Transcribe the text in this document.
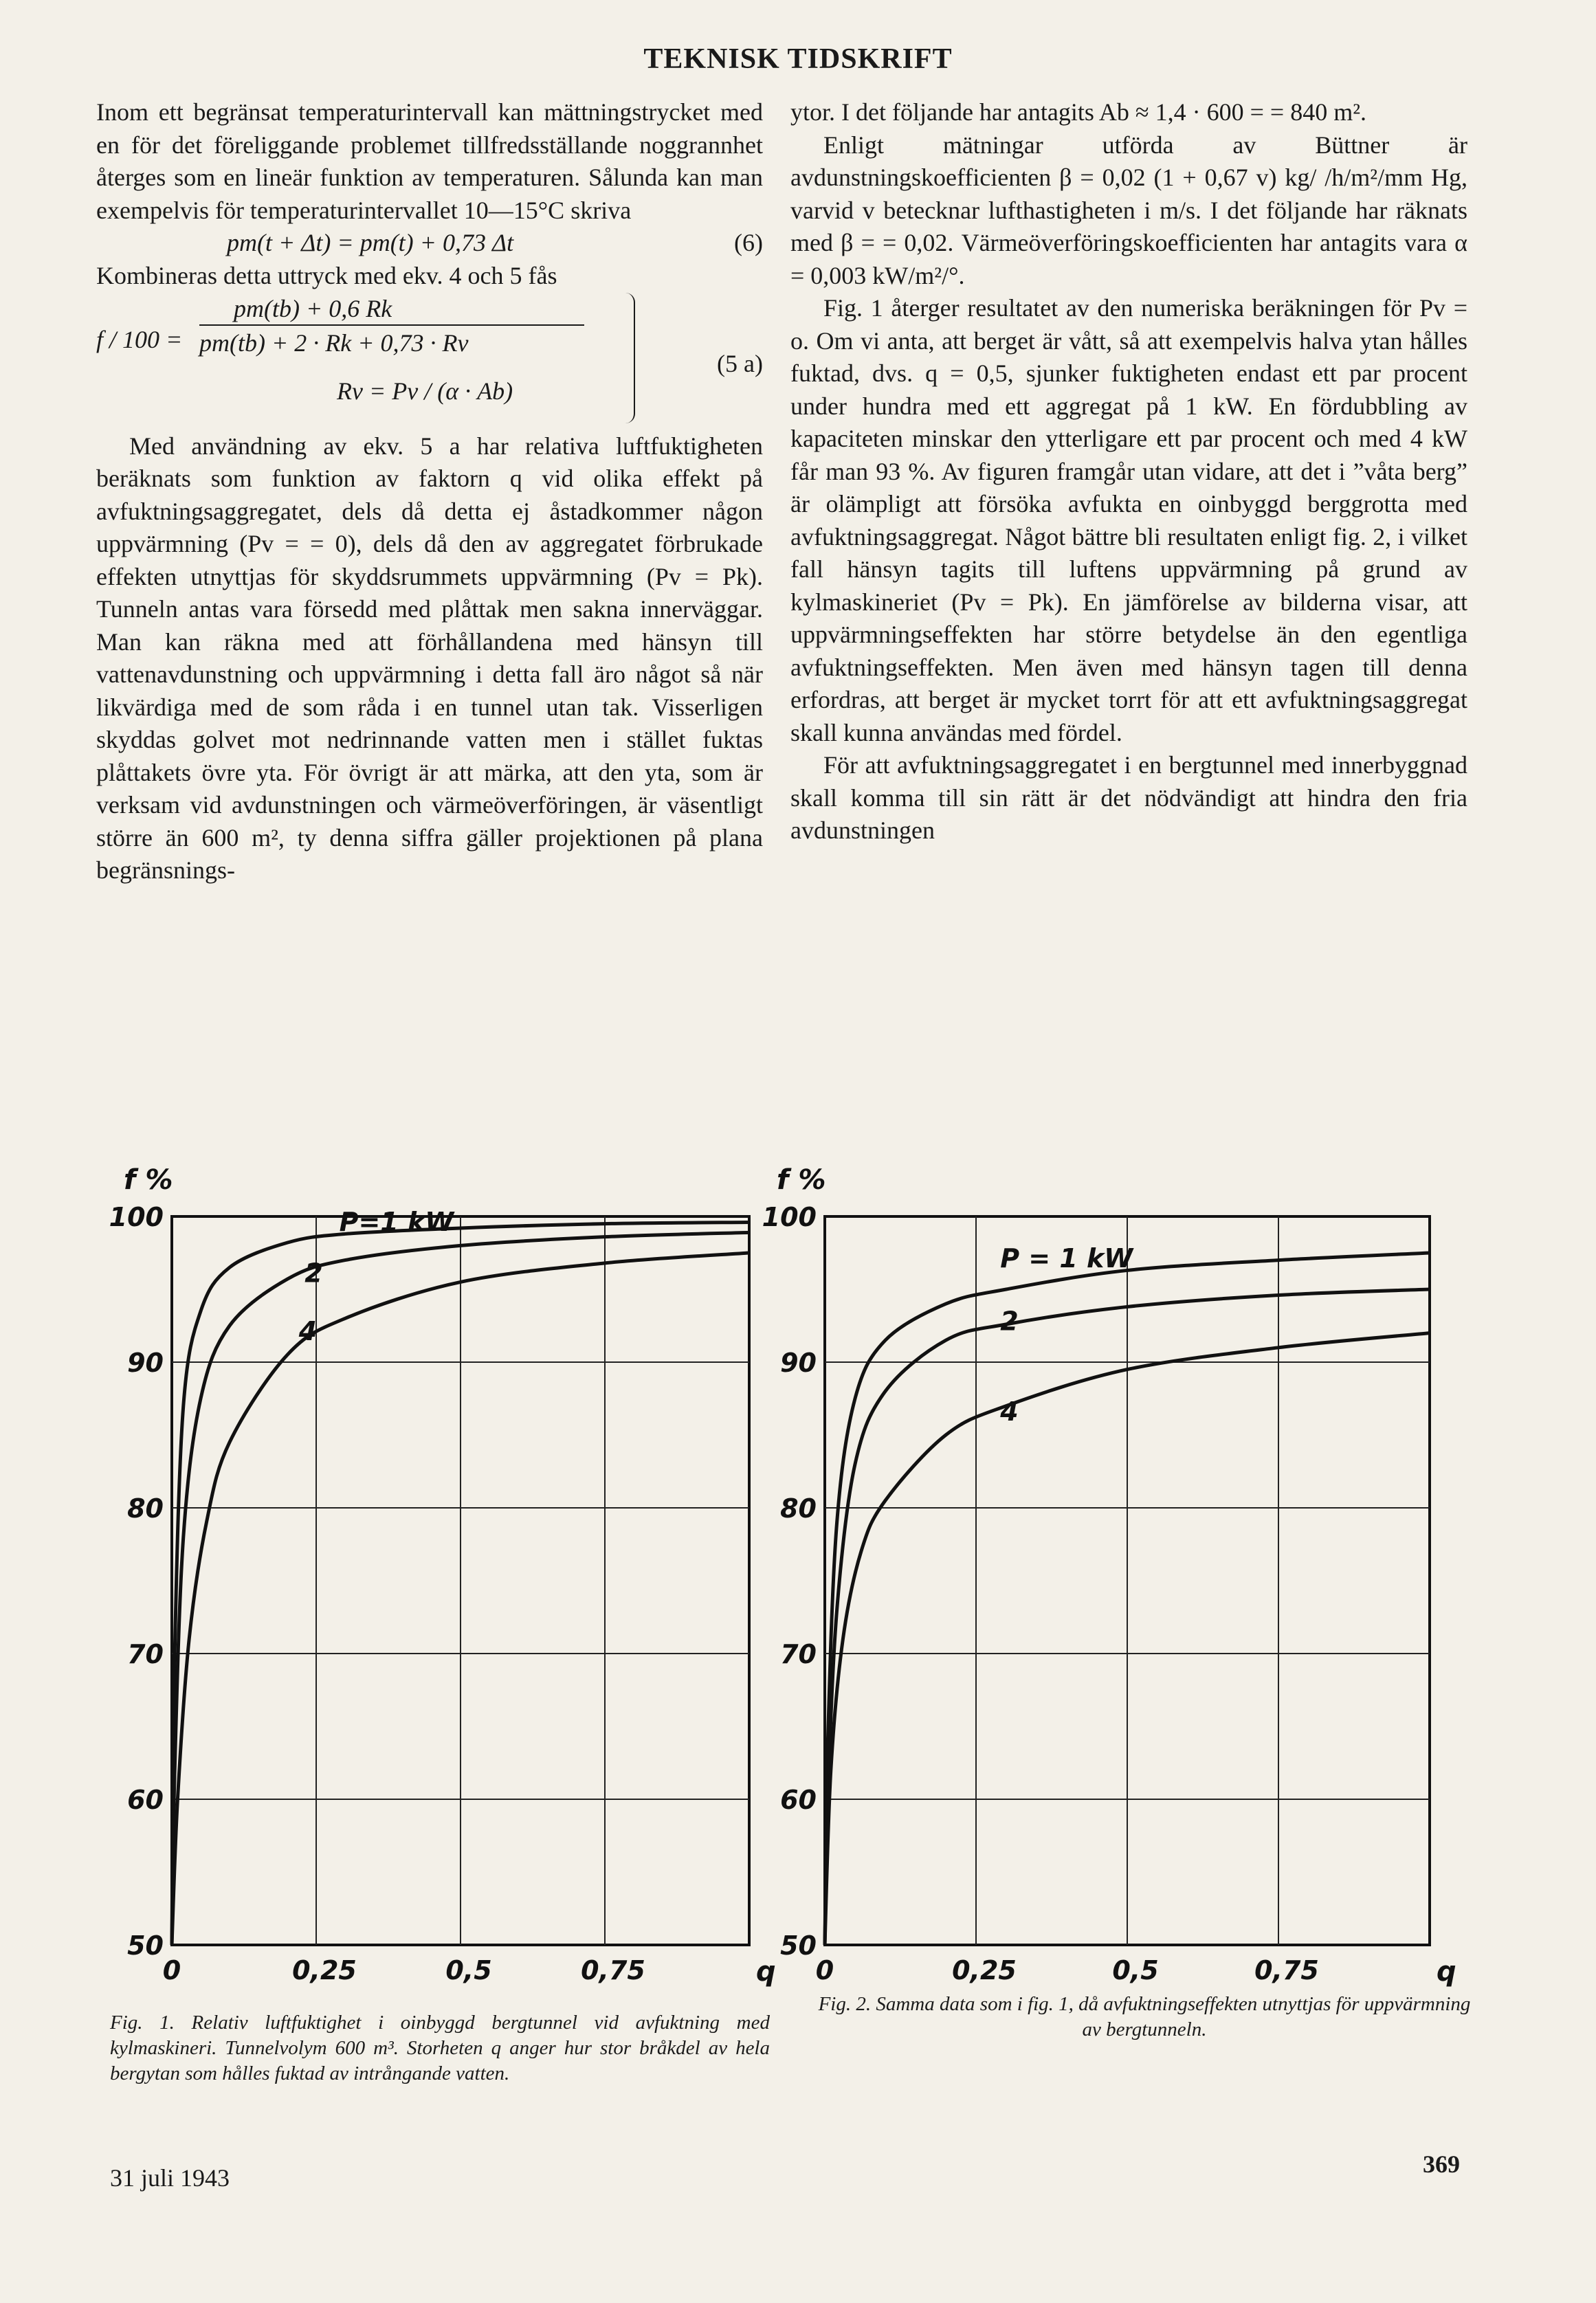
TEKNISK TIDSKRIFT

Inom ett begränsat temperaturintervall kan mättningstrycket med en för det föreliggande problemet tillfredsställande noggrannhet återges som en lineär funktion av temperaturen. Sålunda kan man exempelvis för temperaturintervallet 10—15°C skriva

pm(t + Δt) = pm(t) + 0,73 Δt	(6)

Kombineras detta uttryck med ekv. 4 och 5 fås

f / 100 =
pm(tb) + 0,6 Rk
pm(tb) + 2 · Rk + 0,73 · Rv
Rv = Pv / (α · Ab)
(5 a)

Med användning av ekv. 5 a har relativa luftfuktigheten beräknats som funktion av faktorn q vid olika effekt på avfuktningsaggregatet, dels då detta ej åstadkommer någon uppvärmning (Pv = = 0), dels då den av aggregatet förbrukade effekten utnyttjas för skyddsrummets uppvärmning (Pv = Pk). Tunneln antas vara försedd med plåttak men sakna innerväggar. Man kan räkna med att förhållandena med hänsyn till vattenavdunstning och uppvärmning i detta fall äro något så när likvärdiga med de som råda i en tunnel utan tak. Visserligen skyddas golvet mot nedrinnande vatten men i stället fuktas plåttakets övre yta. För övrigt är att märka, att den yta, som är verksam vid avdunstningen och värmeöverföringen, är väsentligt större än 600 m², ty denna siffra gäller projektionen på plana begränsnings-

ytor. I det följande har antagits Ab ≈ 1,4 · 600 = = 840 m².

Enligt mätningar utförda av Büttner är avdunstningskoefficienten β = 0,02 (1 + 0,67 v) kg/ /h/m²/mm Hg, varvid v betecknar lufthastigheten i m/s. I det följande har räknats med β = = 0,02. Värmeöverföringskoefficienten har antagits vara α = 0,003 kW/m²/°.

Fig. 1 återger resultatet av den numeriska beräkningen för Pv = o. Om vi anta, att berget är vått, så att exempelvis halva ytan hålles fuktad, dvs. q = 0,5, sjunker fuktigheten endast ett par procent under hundra med ett aggregat på 1 kW. En fördubbling av kapaciteten minskar den ytterligare ett par procent och med 4 kW får man 93 %. Av figuren framgår utan vidare, att det i ”våta berg” är olämpligt att försöka avfukta en oinbyggd berggrotta med avfuktningsaggregat. Något bättre bli resultaten enligt fig. 2, i vilket fall hänsyn tagits till luftens uppvärmning på grund av kylmaskineriet (Pv = Pk). En jämförelse av bilderna visar, att uppvärmningseffekten har större betydelse än den egentliga avfuktningseffekten. Men även med hänsyn tagen till denna erfordras, att berget är mycket torrt för att ett avfuktningsaggregat skall kunna användas med fördel.

För att avfuktningsaggregatet i en bergtunnel med innerbyggnad skall komma till sin rätt är det nödvändigt att hindra den fria avdunstningen

50
60
70
80
90
100
0	0,25	0,5	0,75
f %
q
P=1 kW
2
4
Fig. 1. Relativ luftfuktighet i oinbyggd bergtunnel vid avfuktning med kylmaskineri. Tunnelvolym 600 m³. Storheten q anger hur stor bråkdel av hela bergytan som hålles fuktad av intrångande vatten.
50
60
70
80
90
100
0	0,25	0,5	0,75
f %
q
P = 1 kW
2
4
Fig. 2. Samma data som i fig. 1, då avfuktningseffekten utnyttjas för uppvärmning av bergtunneln.
31 juli 1943	369
